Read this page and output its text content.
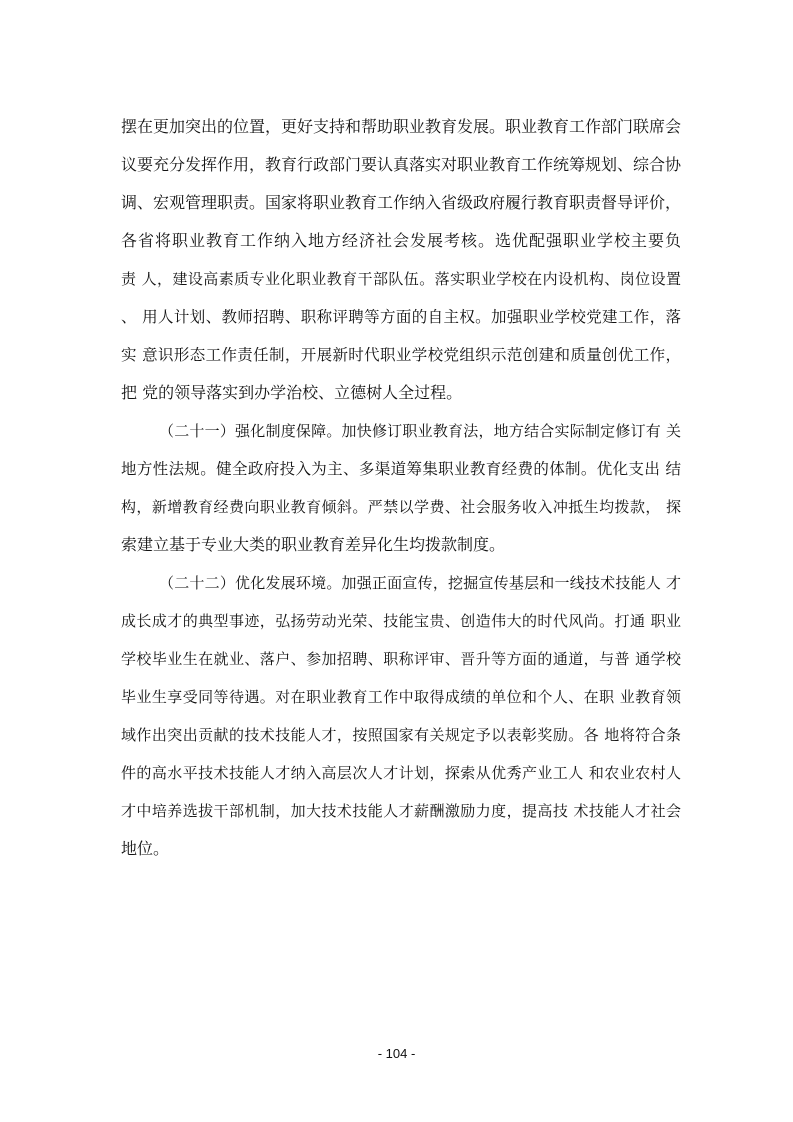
摆在更加突出的位置，更好支持和帮助职业教育发展。职业教育工作部门联席会
议要充分发挥作用，教育行政部门要认真落实对职业教育工作统筹规划、综合协
调、宏观管理职责。国家将职业教育工作纳入省级政府履行教育职责督导评价，
各省将职业教育工作纳入地方经济社会发展考核。选优配强职业学校主要负
责 人，建设高素质专业化职业教育干部队伍。落实职业学校在内设机构、岗位设置
、 用人计划、教师招聘、职称评聘等方面的自主权。加强职业学校党建工作，落
实 意识形态工作责任制，开展新时代职业学校党组织示范创建和质量创优工作，
把 党的领导落实到办学治校、立德树人全过程。
（二十一）强化制度保障。加快修订职业教育法，地方结合实际制定修订有 关
地方性法规。健全政府投入为主、多渠道筹集职业教育经费的体制。优化支出 结
构，新增教育经费向职业教育倾斜。严禁以学费、社会服务收入冲抵生均拨款， 探
索建立基于专业大类的职业教育差异化生均拨款制度。
（二十二）优化发展环境。加强正面宣传，挖掘宣传基层和一线技术技能人 才
成长成才的典型事迹，弘扬劳动光荣、技能宝贵、创造伟大的时代风尚。打通 职业
学校毕业生在就业、落户、参加招聘、职称评审、晋升等方面的通道，与普 通学校
毕业生享受同等待遇。对在职业教育工作中取得成绩的单位和个人、在职 业教育领
域作出突出贡献的技术技能人才，按照国家有关规定予以表彰奖励。各 地将符合条
件的高水平技术技能人才纳入高层次人才计划，探索从优秀产业工人 和农业农村人
才中培养选拔干部机制，加大技术技能人才薪酬激励力度，提高技 术技能人才社会
地位。
- 104 -
